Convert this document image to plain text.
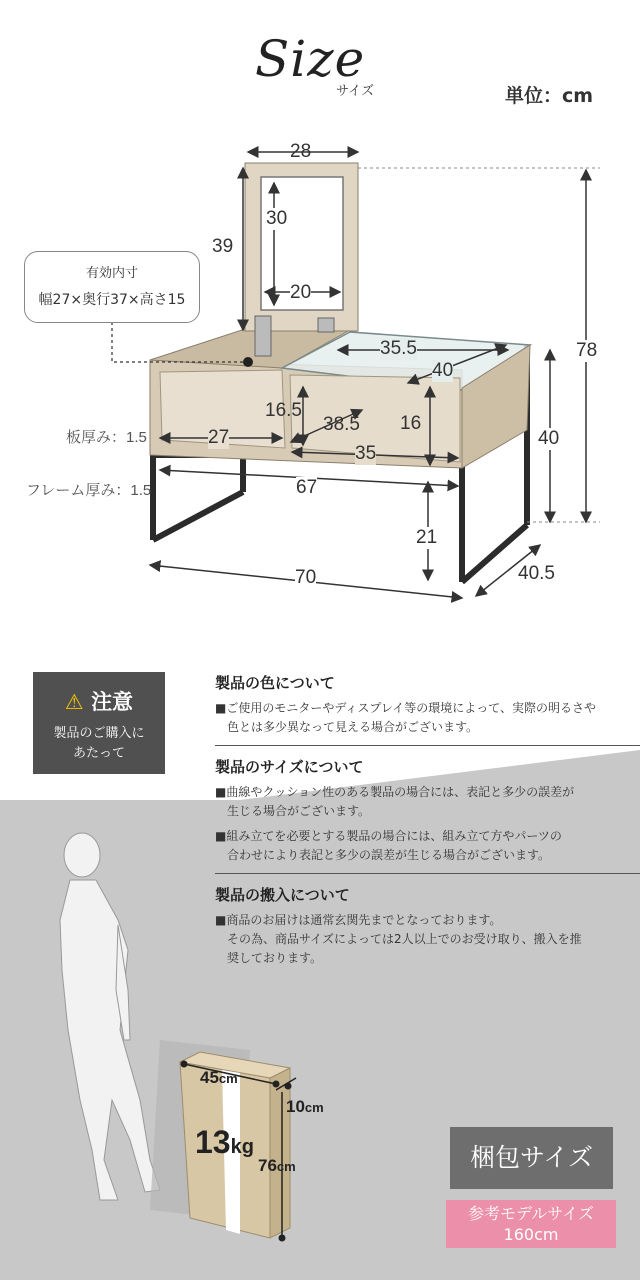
Size
サイズ	単位：cm
28
39
30
20
78
40
35.5
40
16.5
38.5 16
27
35
67
21
70	40.5
板厚み：1.5
フレーム厚み：1.5
有効内寸
幅27×奥行37×高さ15
⚠ 注意
製品のご購入に
あたって
製品の色について
■ご使用のモニターやディスプレイ等の環境によって、実際の明るさや
　色とは多少異なって見える場合がございます。
製品のサイズについて
■曲線やクッション性のある製品の場合には、表記と多少の誤差が
　生じる場合がございます。
■組み立てを必要とする製品の場合には、組み立て方やパーツの
　合わせにより表記と多少の誤差が生じる場合がございます。
製品の搬入について
■商品のお届けは通常玄関先までとなっております。
　その為、商品サイズによっては2人以上でのお受け取り、搬入を推
　奨しております。
45cm
10cm
13kg
76cm	梱包サイズ
参考モデルサイズ
160cm
